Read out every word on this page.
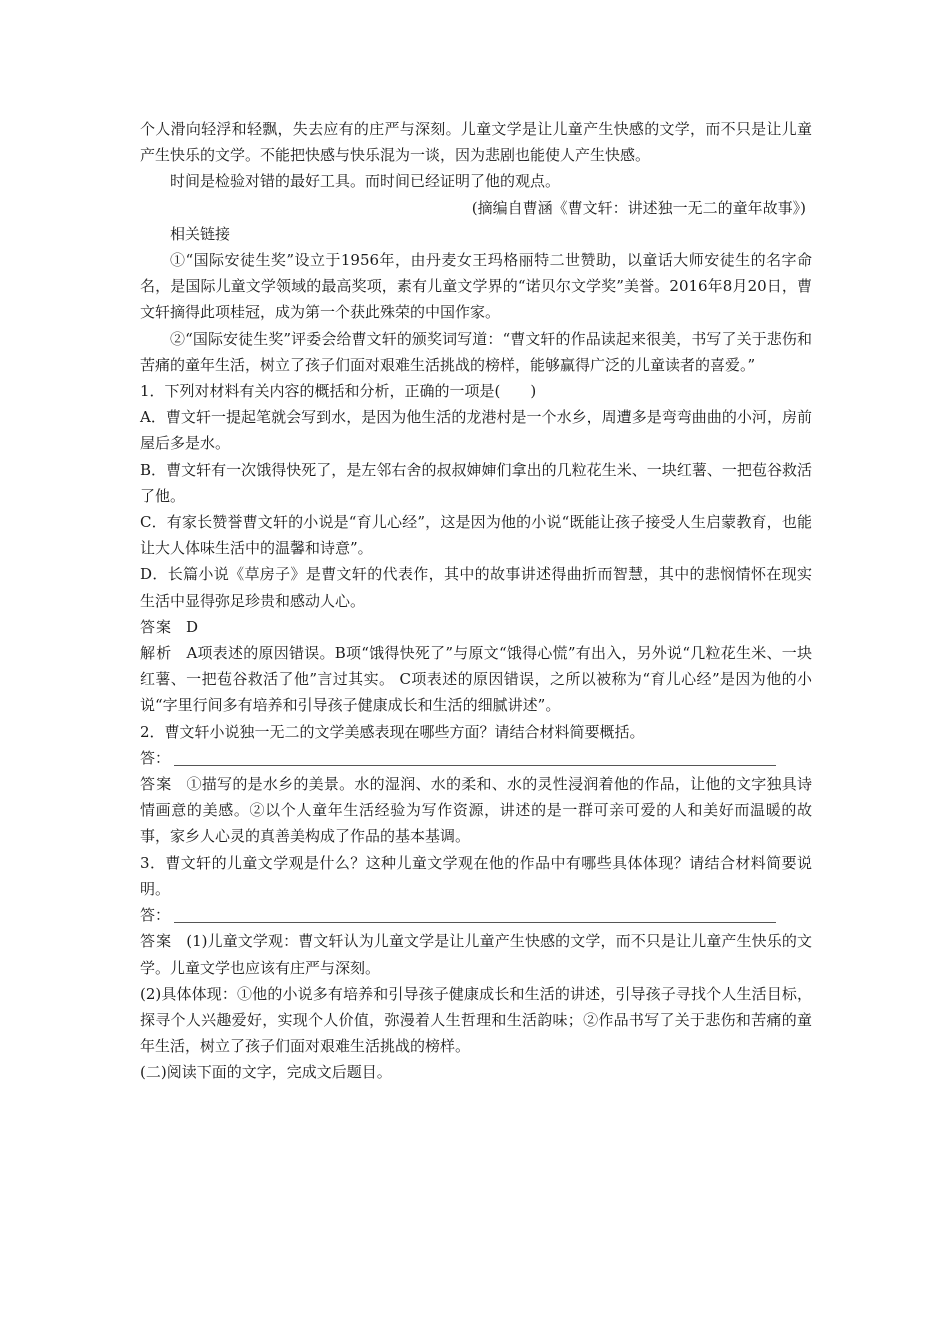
个人滑向轻浮和轻飘，失去应有的庄严与深刻。儿童文学是让儿童产生快感的文学，而不只是让儿童产生快乐的文学。不能把快感与快乐混为一谈，因为悲剧也能使人产生快感。

时间是检验对错的最好工具。而时间已经证明了他的观点。

(摘编自曹涵《曹文轩：讲述独一无二的童年故事》)

相关链接

①“国际安徒生奖”设立于1956年，由丹麦女王玛格丽特二世赞助，以童话大师安徒生的名字命名，是国际儿童文学领域的最高奖项，素有儿童文学界的“诺贝尔文学奖”美誉。2016年8月20日，曹文轩摘得此项桂冠，成为第一个获此殊荣的中国作家。

②“国际安徒生奖”评委会给曹文轩的颁奖词写道：“曹文轩的作品读起来很美，书写了关于悲伤和苦痛的童年生活，树立了孩子们面对艰难生活挑战的榜样，能够赢得广泛的儿童读者的喜爱。”

1．下列对材料有关内容的概括和分析，正确的一项是(　　)

A．曹文轩一提起笔就会写到水，是因为他生活的龙港村是一个水乡，周遭多是弯弯曲曲的小河，房前屋后多是水。

B．曹文轩有一次饿得快死了，是左邻右舍的叔叔婶婶们拿出的几粒花生米、一块红薯、一把苞谷救活了他。

C．有家长赞誉曹文轩的小说是“育儿心经”，这是因为他的小说“既能让孩子接受人生启蒙教育，也能让大人体味生活中的温馨和诗意”。

D．长篇小说《草房子》是曹文轩的代表作，其中的故事讲述得曲折而智慧，其中的悲悯情怀在现实生活中显得弥足珍贵和感动人心。

答案 D

解析 A项表述的原因错误。B项“饿得快死了”与原文“饿得心慌”有出入，另外说“几粒花生米、一块红薯、一把苞谷救活了他”言过其实。 C项表述的原因错误，之所以被称为“育儿心经”是因为他的小说“字里行间多有培养和引导孩子健康成长和生活的细腻讲述”。

2．曹文轩小说独一无二的文学美感表现在哪些方面？请结合材料简要概括。

答：

答案 ①描写的是水乡的美景。水的湿润、水的柔和、水的灵性浸润着他的作品，让他的文字独具诗情画意的美感。②以个人童年生活经验为写作资源，讲述的是一群可亲可爱的人和美好而温暖的故事，家乡人心灵的真善美构成了作品的基本基调。

3．曹文轩的儿童文学观是什么？这种儿童文学观在他的作品中有哪些具体体现？请结合材料简要说明。

答：

答案 (1)儿童文学观：曹文轩认为儿童文学是让儿童产生快感的文学，而不只是让儿童产生快乐的文学。儿童文学也应该有庄严与深刻。

(2)具体体现：①他的小说多有培养和引导孩子健康成长和生活的讲述，引导孩子寻找个人生活目标，探寻个人兴趣爱好，实现个人价值，弥漫着人生哲理和生活韵味；②作品书写了关于悲伤和苦痛的童年生活，树立了孩子们面对艰难生活挑战的榜样。

(二)阅读下面的文字，完成文后题目。
